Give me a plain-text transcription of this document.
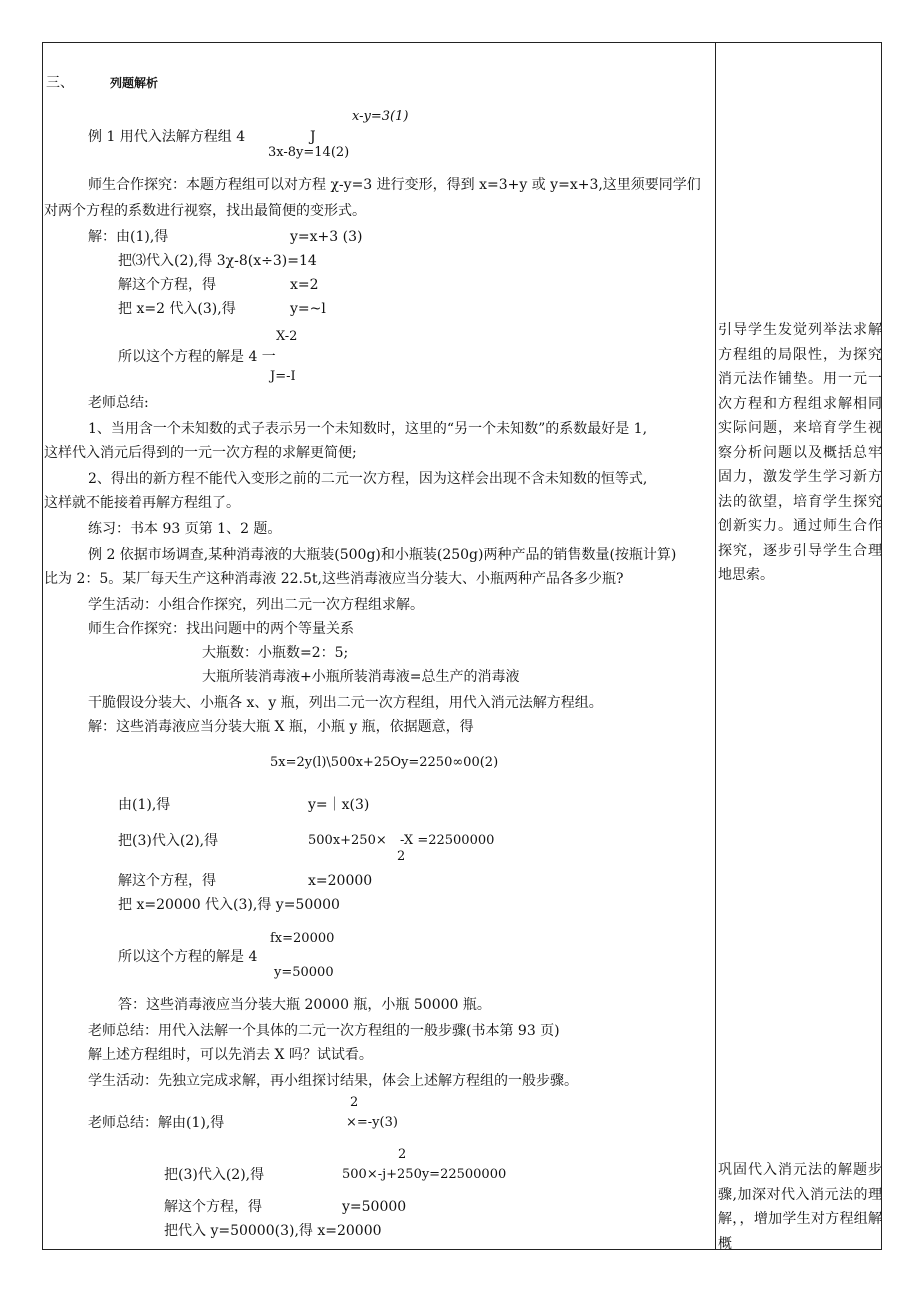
三、	列题解析
x-y=3(1)
例 1 用代入法解方程组 4	J
3x-8y=14(2)
师生合作探究：本题方程组可以对方程 χ-y=3 进行变形，得到 x=3+y 或 y=x+3,这里须要同学们
对两个方程的系数进行视察，找出最简便的变形式。
解：由(1),得	y=x+3 (3)
把⑶代入(2),得 3χ-8(x÷3)=14
解这个方程，得	x=2
把 x=2 代入(3),得	y=~l
X-2
所以这个方程的解是 4 一
J=-I
老师总结:
1、当用含一个未知数的式子表示另一个未知数时，这里的“另一个未知数”的系数最好是 1,
这样代入消元后得到的一元一次方程的求解更简便;
2、得出的新方程不能代入变形之前的二元一次方程，因为这样会出现不含未知数的恒等式,
这样就不能接着再解方程组了。
练习：书本 93 页第 1、2 题。
例 2 依据市场调查,某种消毒液的大瓶装(500g)和小瓶装(250g)两种产品的销售数量(按瓶计算)
比为 2：5。某厂每天生产这种消毒液 22.5t,这些消毒液应当分装大、小瓶两种产品各多少瓶?
学生活动：小组合作探究，列出二元一次方程组求解。
师生合作探究：找出问题中的两个等量关系
大瓶数：小瓶数=2：5;
大瓶所装消毒液+小瓶所装消毒液=总生产的消毒液
干脆假设分装大、小瓶各 x、y 瓶，列出二元一次方程组，用代入消元法解方程组。
解：这些消毒液应当分装大瓶 X 瓶，小瓶 y 瓶，依据题意，得
5x=2y(l)\500x+25Oy=2250∞00(2)
由(1),得	y=｜x(3)
把(3)代入(2),得	500x+250× -X =22500000
2
解这个方程，得	x=20000
把 x=20000 代入(3),得 y=50000
fx=20000
所以这个方程的解是 4
y=50000
答：这些消毒液应当分装大瓶 20000 瓶，小瓶 50000 瓶。
老师总结：用代入法解一个具体的二元一次方程组的一般步骤(书本第 93 页)
解上述方程组时，可以先消去 X 吗？试试看。
学生活动：先独立完成求解，再小组探讨结果，体会上述解方程组的一般步骤。
2
老师总结：解由(1),得	×=-y(3)
2
把(3)代入(2),得	500×-j+250y=22500000
解这个方程，得	y=50000
把代入 y=50000(3),得 x=20000
引导学生发觉列举法求解方程组的局限性，为探究消元法作铺垫。用一元一次方程和方程组求解相同实际问题，来培育学生视察分析问题以及概括总牢固力，激发学生学习新方法的欲望，培育学生探究创新实力。通过师生合作探究，逐步引导学生合理地思索。
巩固代入消元法的解题步骤,加深对代入消元法的理解，，增加学生对方程组解概
